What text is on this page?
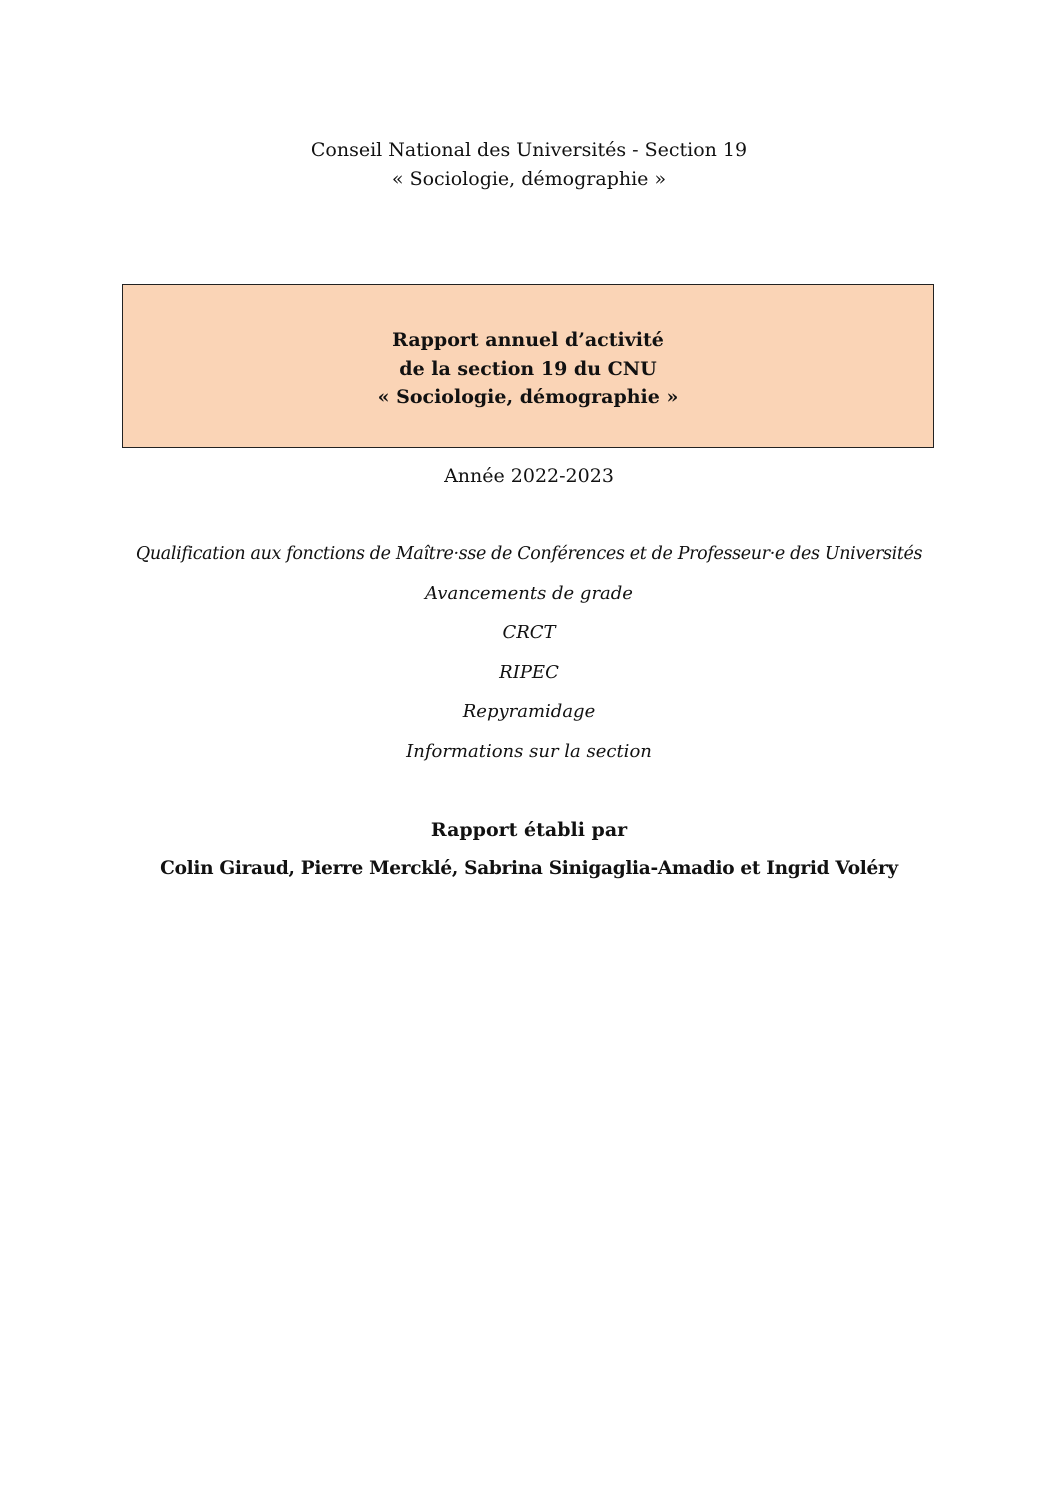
Conseil National des Universités - Section 19
« Sociologie, démographie »
Rapport annuel d’activité
de la section 19 du CNU
« Sociologie, démographie »
Année 2022-2023
Qualification aux fonctions de Maître·sse de Conférences et de Professeur·e des Universités
Avancements de grade
CRCT
RIPEC
Repyramidage
Informations sur la section
Rapport établi par
Colin Giraud, Pierre Mercklé, Sabrina Sinigaglia-Amadio et Ingrid Voléry
